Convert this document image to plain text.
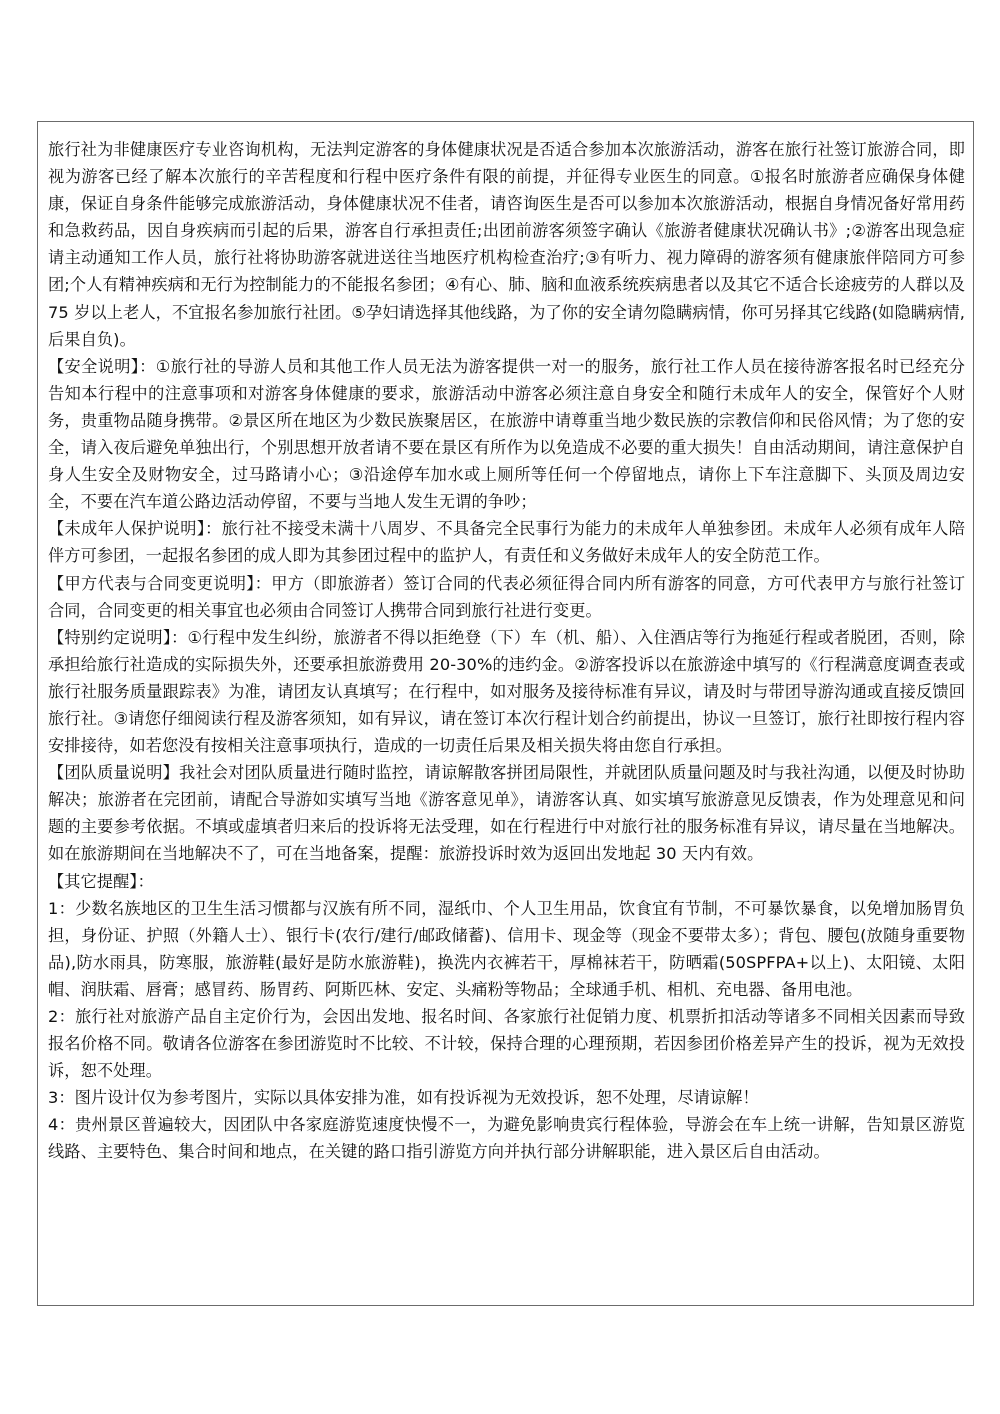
旅行社为非健康医疗专业咨询机构，无法判定游客的身体健康状况是否适合参加本次旅游活动，游客在旅行社签订旅游合同，即视为游客已经了解本次旅行的辛苦程度和行程中医疗条件有限的前提，并征得专业医生的同意。①报名时旅游者应确保身体健康，保证自身条件能够完成旅游活动，身体健康状况不佳者，请咨询医生是否可以参加本次旅游活动，根据自身情况备好常用药和急救药品，因自身疾病而引起的后果，游客自行承担责任;出团前游客须签字确认《旅游者健康状况确认书》;②游客出现急症请主动通知工作人员，旅行社将协助游客就进送往当地医疗机构检查治疗;③有听力、视力障碍的游客须有健康旅伴陪同方可参团;个人有精神疾病和无行为控制能力的不能报名参团；④有心、肺、脑和血液系统疾病患者以及其它不适合长途疲劳的人群以及 75 岁以上老人，不宜报名参加旅行社团。⑤孕妇请选择其他线路，为了你的安全请勿隐瞒病情，你可另择其它线路(如隐瞒病情,后果自负)。

【安全说明】：①旅行社的导游人员和其他工作人员无法为游客提供一对一的服务，旅行社工作人员在接待游客报名时已经充分告知本行程中的注意事项和对游客身体健康的要求，旅游活动中游客必须注意自身安全和随行未成年人的安全，保管好个人财务，贵重物品随身携带。②景区所在地区为少数民族聚居区，在旅游中请尊重当地少数民族的宗教信仰和民俗风情；为了您的安全，请入夜后避免单独出行，个别思想开放者请不要在景区有所作为以免造成不必要的重大损失！自由活动期间，请注意保护自身人生安全及财物安全，过马路请小心；③沿途停车加水或上厕所等任何一个停留地点，请你上下车注意脚下、头顶及周边安全，不要在汽车道公路边活动停留，不要与当地人发生无谓的争吵；

【未成年人保护说明】：旅行社不接受未满十八周岁、不具备完全民事行为能力的未成年人单独参团。未成年人必须有成年人陪伴方可参团，一起报名参团的成人即为其参团过程中的监护人，有责任和义务做好未成年人的安全防范工作。

【甲方代表与合同变更说明】：甲方（即旅游者）签订合同的代表必须征得合同内所有游客的同意，方可代表甲方与旅行社签订合同，合同变更的相关事宜也必须由合同签订人携带合同到旅行社进行变更。

【特别约定说明】：①行程中发生纠纷，旅游者不得以拒绝登（下）车（机、船）、入住酒店等行为拖延行程或者脱团，否则，除承担给旅行社造成的实际损失外，还要承担旅游费用 20-30%的违约金。②游客投诉以在旅游途中填写的《行程满意度调查表或旅行社服务质量跟踪表》为准，请团友认真填写；在行程中，如对服务及接待标准有异议，请及时与带团导游沟通或直接反馈回旅行社。③请您仔细阅读行程及游客须知，如有异议，请在签订本次行程计划合约前提出，协议一旦签订，旅行社即按行程内容安排接待，如若您没有按相关注意事项执行，造成的一切责任后果及相关损失将由您自行承担。

【团队质量说明】我社会对团队质量进行随时监控，请谅解散客拼团局限性，并就团队质量问题及时与我社沟通，以便及时协助解决；旅游者在完团前，请配合导游如实填写当地《游客意见单》，请游客认真、如实填写旅游意见反馈表，作为处理意见和问题的主要参考依据。不填或虚填者归来后的投诉将无法受理，如在行程进行中对旅行社的服务标准有异议，请尽量在当地解决。如在旅游期间在当地解决不了，可在当地备案，提醒：旅游投诉时效为返回出发地起 30 天内有效。

【其它提醒】：

1：少数名族地区的卫生生活习惯都与汉族有所不同，湿纸巾、个人卫生用品，饮食宜有节制，不可暴饮暴食，以免增加肠胃负担，身份证、护照（外籍人士）、银行卡(农行/建行/邮政储蓄)、信用卡、现金等（现金不要带太多）；背包、腰包(放随身重要物品),防水雨具，防寒服，旅游鞋(最好是防水旅游鞋)，换洗内衣裤若干，厚棉袜若干，防晒霜(50SPFPA+以上)、太阳镜、太阳帽、润肤霜、唇膏；感冒药、肠胃药、阿斯匹林、安定、头痛粉等物品；全球通手机、相机、充电器、备用电池。

2：旅行社对旅游产品自主定价行为，会因出发地、报名时间、各家旅行社促销力度、机票折扣活动等诸多不同相关因素而导致报名价格不同。敬请各位游客在参团游览时不比较、不计较，保持合理的心理预期，若因参团价格差异产生的投诉，视为无效投诉，恕不处理。

3：图片设计仅为参考图片，实际以具体安排为准，如有投诉视为无效投诉，恕不处理，尽请谅解！

4：贵州景区普遍较大，因团队中各家庭游览速度快慢不一，为避免影响贵宾行程体验，导游会在车上统一讲解，告知景区游览线路、主要特色、集合时间和地点，在关键的路口指引游览方向并执行部分讲解职能，进入景区后自由活动。
